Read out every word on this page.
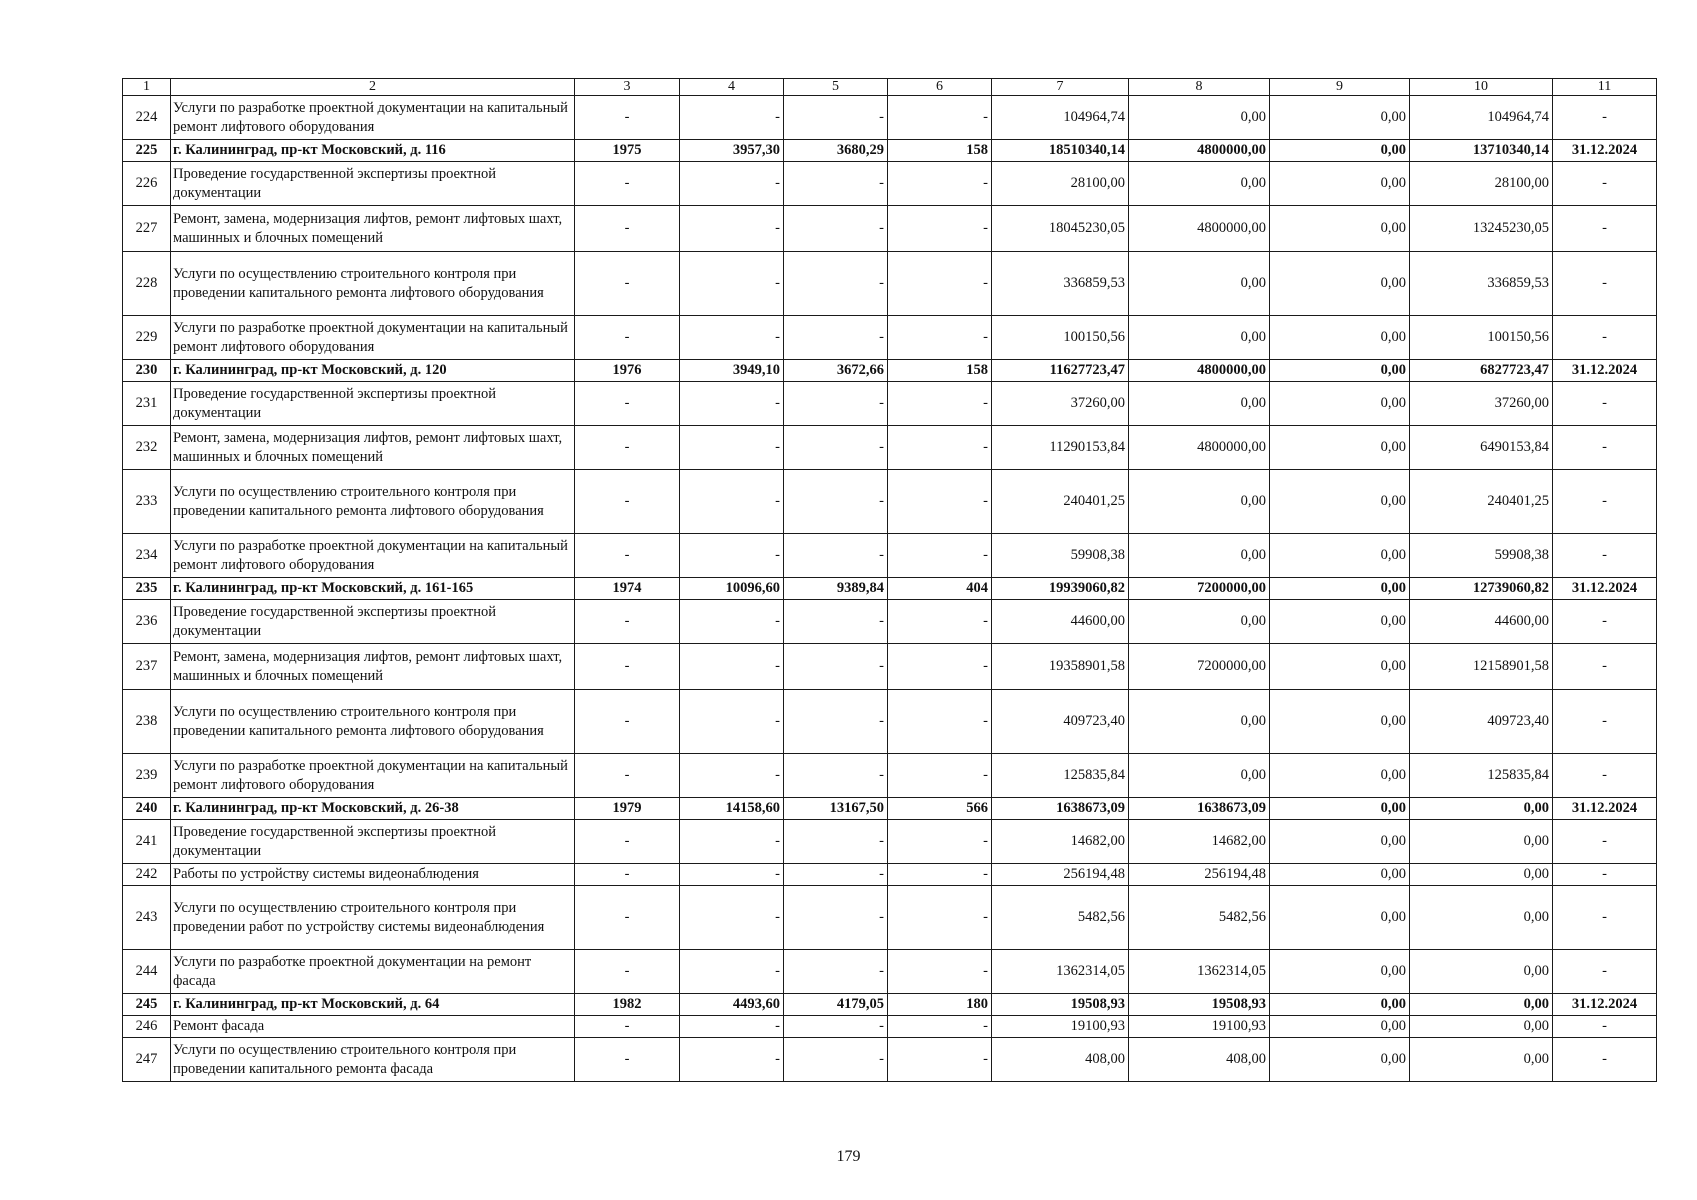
1	2	3	4	5	6	7	8	9	10	11
224	Услуги по разработке проектной документации на капитальный ремонт лифтового оборудования	-	-	-	-	104964,74	0,00	0,00	104964,74	-
225	г. Калининград, пр-кт Московский, д. 116	1975	3957,30	3680,29	158	18510340,14	4800000,00	0,00	13710340,14	31.12.2024
226	Проведение государственной экспертизы проектной документации	-	-	-	-	28100,00	0,00	0,00	28100,00	-
227	Ремонт, замена, модернизация лифтов, ремонт лифтовых шахт, машинных и блочных помещений	-	-	-	-	18045230,05	4800000,00	0,00	13245230,05	-
228	Услуги по осуществлению строительного контроля при проведении капитального ремонта лифтового оборудования	-	-	-	-	336859,53	0,00	0,00	336859,53	-
229	Услуги по разработке проектной документации на капитальный ремонт лифтового оборудования	-	-	-	-	100150,56	0,00	0,00	100150,56	-
230	г. Калининград, пр-кт Московский, д. 120	1976	3949,10	3672,66	158	11627723,47	4800000,00	0,00	6827723,47	31.12.2024
231	Проведение государственной экспертизы проектной документации	-	-	-	-	37260,00	0,00	0,00	37260,00	-
232	Ремонт, замена, модернизация лифтов, ремонт лифтовых шахт, машинных и блочных помещений	-	-	-	-	11290153,84	4800000,00	0,00	6490153,84	-
233	Услуги по осуществлению строительного контроля при проведении капитального ремонта лифтового оборудования	-	-	-	-	240401,25	0,00	0,00	240401,25	-
234	Услуги по разработке проектной документации на капитальный ремонт лифтового оборудования	-	-	-	-	59908,38	0,00	0,00	59908,38	-
235	г. Калининград, пр-кт Московский, д. 161-165	1974	10096,60	9389,84	404	19939060,82	7200000,00	0,00	12739060,82	31.12.2024
236	Проведение государственной экспертизы проектной документации	-	-	-	-	44600,00	0,00	0,00	44600,00	-
237	Ремонт, замена, модернизация лифтов, ремонт лифтовых шахт, машинных и блочных помещений	-	-	-	-	19358901,58	7200000,00	0,00	12158901,58	-
238	Услуги по осуществлению строительного контроля при проведении капитального ремонта лифтового оборудования	-	-	-	-	409723,40	0,00	0,00	409723,40	-
239	Услуги по разработке проектной документации на капитальный ремонт лифтового оборудования	-	-	-	-	125835,84	0,00	0,00	125835,84	-
240	г. Калининград, пр-кт Московский, д. 26-38	1979	14158,60	13167,50	566	1638673,09	1638673,09	0,00	0,00	31.12.2024
241	Проведение государственной экспертизы проектной документации	-	-	-	-	14682,00	14682,00	0,00	0,00	-
242	Работы по устройству системы видеонаблюдения	-	-	-	-	256194,48	256194,48	0,00	0,00	-
243	Услуги по осуществлению строительного контроля при проведении работ по устройству системы видеонаблюдения	-	-	-	-	5482,56	5482,56	0,00	0,00	-
244	Услуги по разработке проектной документации на ремонт фасада	-	-	-	-	1362314,05	1362314,05	0,00	0,00	-
245	г. Калининград, пр-кт Московский, д. 64	1982	4493,60	4179,05	180	19508,93	19508,93	0,00	0,00	31.12.2024
246	Ремонт фасада	-	-	-	-	19100,93	19100,93	0,00	0,00	-
247	Услуги по осуществлению строительного контроля при проведении капитального ремонта фасада	-	-	-	-	408,00	408,00	0,00	0,00	-
179
